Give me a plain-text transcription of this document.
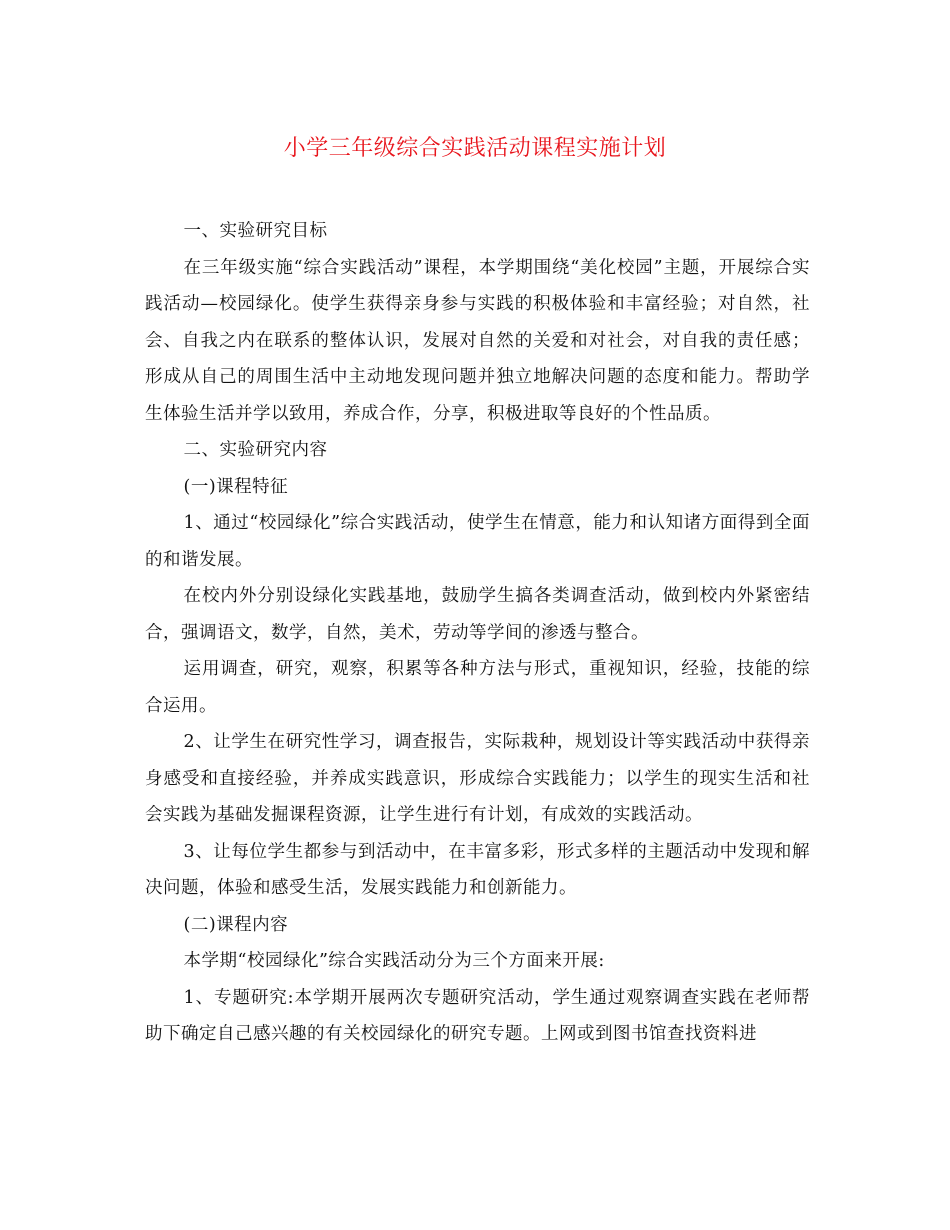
小学三年级综合实践活动课程实施计划

一、实验研究目标

在三年级实施“综合实践活动”课程，本学期围绕“美化校园”主题，开展综合实践活动—校园绿化。使学生获得亲身参与实践的积极体验和丰富经验；对自然，社会、自我之内在联系的整体认识，发展对自然的关爱和对社会，对自我的责任感；形成从自己的周围生活中主动地发现问题并独立地解决问题的态度和能力。帮助学生体验生活并学以致用，养成合作，分享，积极进取等良好的个性品质。

二、实验研究内容

(一)课程特征

1、通过“校园绿化”综合实践活动，使学生在情意，能力和认知诸方面得到全面的和谐发展。

在校内外分别设绿化实践基地，鼓励学生搞各类调查活动，做到校内外紧密结合，强调语文，数学，自然，美术，劳动等学间的渗透与整合。

运用调查，研究，观察，积累等各种方法与形式，重视知识，经验，技能的综合运用。

2、让学生在研究性学习，调查报告，实际栽种，规划设计等实践活动中获得亲身感受和直接经验，并养成实践意识，形成综合实践能力；以学生的现实生活和社会实践为基础发掘课程资源，让学生进行有计划，有成效的实践活动。

3、让每位学生都参与到活动中，在丰富多彩，形式多样的主题活动中发现和解决问题，体验和感受生活，发展实践能力和创新能力。

(二)课程内容

本学期“校园绿化”综合实践活动分为三个方面来开展:

1、专题研究:本学期开展两次专题研究活动，学生通过观察调查实践在老师帮助下确定自己感兴趣的有关校园绿化的研究专题。上网或到图书馆查找资料进
